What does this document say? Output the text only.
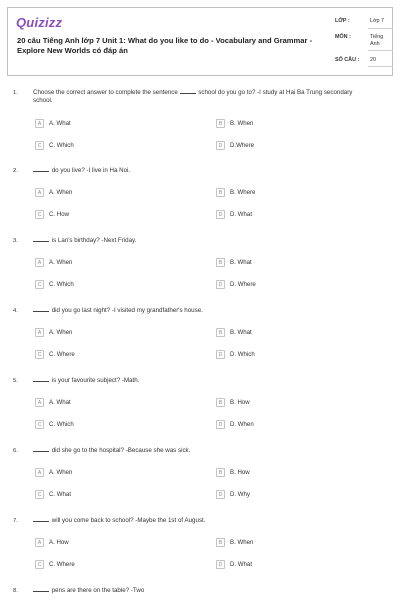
Quizizz
20 câu Tiếng Anh lớp 7 Unit 1: What do you like to do - Vocabulary and Grammar - Explore New Worlds có đáp án
LỚP :	Lớp 7
MÔN :	Tiếng Anh
SỐ CÂU : 20
1. Choose the correct answer to complete the sentence	school do you go to? -I study at Hai Ba Trung secondary school.
A	A. What	B	B. When
C	C. Which	D	D.Where
2.	do you live? -I live in Ha Noi.
A	A. When	B	B. Where
C	C. How	D	D. What
3.	is Lan's birthday? -Next Friday.
A	A. When	B	B. What
C	C. Which	D	D. Where
4.	did you go last night? -I visited my grandfather's house.
A	A. When	B	B. What
C	C. Where	D	D. Which
5.	is your favourite subject? -Math.
A	A. What	B	B. How
C	C. Which	D	D. When
6.	did she go to the hospital? -Because she was sick.
A	A. When	B	B. How
C	C. What	D	D. Why
7.	will you come back to school? -Maybe the 1st of August.
A	A. How	B	B. When
C	C. Where	D	D. What
8.	pens are there on the table? -Two
